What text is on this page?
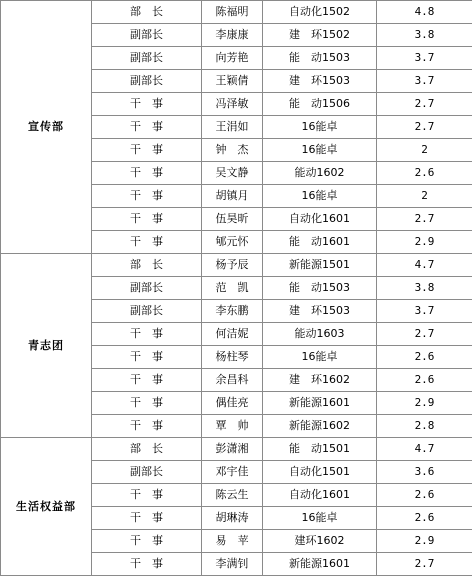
宣传部	部　长	陈福明	自动化1502	4.8
	副部长	李康康	建　环1502	3.8
	副部长	向芳艳	能　动1503	3.7
	副部长	王颖倩	建　环1503	3.7
	干　事	冯泽敏	能　动1506	2.7
	干　事	王涓如	16能卓	2.7
	干　事	钟　杰	16能卓	2
	干　事	吴文静	能动1602	2.6
	干　事	胡镇月	16能卓	2
	干　事	伍昊昕	自动化1601	2.7
	干　事	郇元怀	能　动1601	2.9
青志团	部　长	杨予辰	新能源1501	4.7
	副部长	范　凯	能　动1503	3.8
	副部长	李东鹏	建　环1503	3.7
	干　事	何洁妮	能动1603	2.7
	干　事	杨柱琴	16能卓	2.6
	干　事	余昌科	建　环1602	2.6
	干　事	偶佳亮	新能源1601	2.9
	干　事	覃　帅	新能源1602	2.8
生活权益部	部　长	彭潇湘	能　动1501	4.7
	副部长	邓宇佳	自动化1501	3.6
	干　事	陈云生	自动化1601	2.6
	干　事	胡琳涛	16能卓	2.6
	干　事	易　苹	建环1602	2.9
	干　事	李满钊	新能源1601	2.7
